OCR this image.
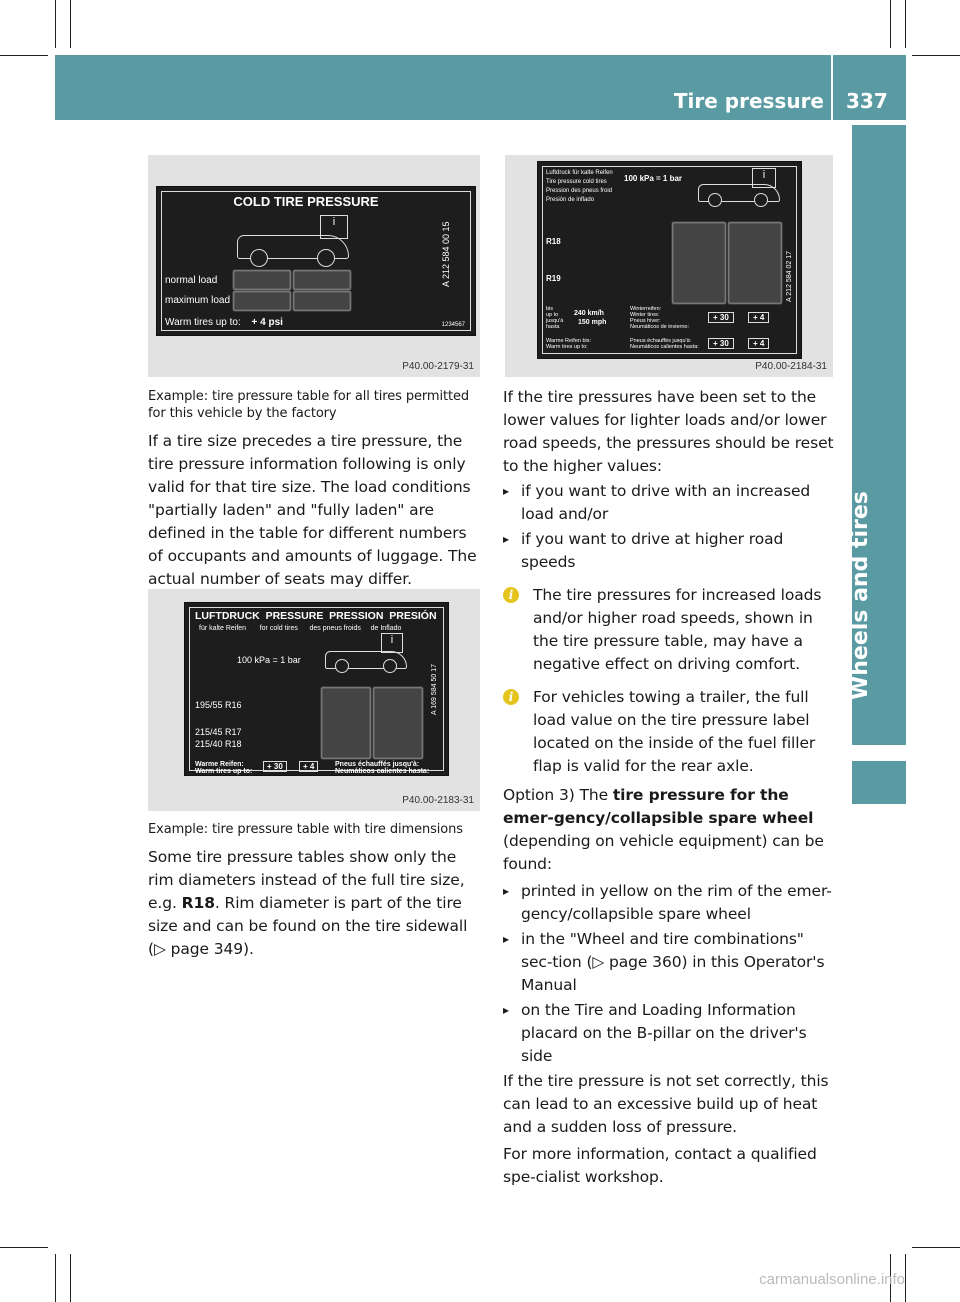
Tire pressure 337
Wheels and tires
COLD TIRE PRESSURE
i
normal load
maximum load
Warm tires up to: + 4 psi
A 212 584 00 15
1234567
P40.00-2179-31
LUFTDRUCK  PRESSURE  PRESSION  PRESIÓN
für kalte Reifen for cold tires des pneus froids de Inflado
100 kPa = 1 bar
i
195/55 R16
215/45 R17
215/40 R18
Warme Reifen:
Warm tires up to:
+ 30	+ 4	Pneus échauffés jusqu'à:
Neumáticos calientes hasta:
A 169 584 50 17
P40.00-2183-31
Luftdruck für kalte Reifen
Tire pressure cold tires
Pression des pneus froid
Presión de inflado
100 kPa = 1 bar	i
R18
R19
bis
up to
jusqu'à
hasta
240 km/h
150 mph
Winterreifen:
Winter tires:
Pneus hiver:
Neumáticos de invierno:
Warme Reifen bis:
Warm tires up to:
Pneus échauffés jusqu'à:
Neumáticos calientes hasta:
+ 30	+ 4
+ 30	+ 4
A 212 584 02 17
P40.00-2184-31

Example: tire pressure table for all tires permitted for this vehicle by the factory

If a tire size precedes a tire pressure, the tire pressure information following is only valid for that tire size. The load conditions "partially laden" and "fully laden" are defined in the table for different numbers of occupants and amounts of luggage. The actual number of seats may differ.

Example: tire pressure table with tire dimensions

Some tire pressure tables show only the rim diameters instead of the full tire size, e.g. R18. Rim diameter is part of the tire size and can be found on the tire sidewall (▷ page 349).

If the tire pressures have been set to the lower values for lighter loads and/or lower road speeds, the pressures should be reset to the higher values:

▸ if you want to drive with an increased load and/or

▸ if you want to drive at higher road speeds

i	The tire pressures for increased loads and/or higher road speeds, shown in the tire pressure table, may have a negative effect on driving comfort.
i	For vehicles towing a trailer, the full load value on the tire pressure label located on the inside of the fuel filler flap is valid for the rear axle.

Option 3) The tire pressure for the emer-gency/collapsible spare wheel (depending on vehicle equipment) can be found:

▸ printed in yellow on the rim of the emer-gency/collapsible spare wheel

▸ in the "Wheel and tire combinations" sec-tion (▷ page 360) in this Operator's Manual

▸ on the Tire and Loading Information placard on the B-pillar on the driver's side

If the tire pressure is not set correctly, this can lead to an excessive build up of heat and a sudden loss of pressure.

For more information, contact a qualified spe-cialist workshop.

carmanualsonline.info
